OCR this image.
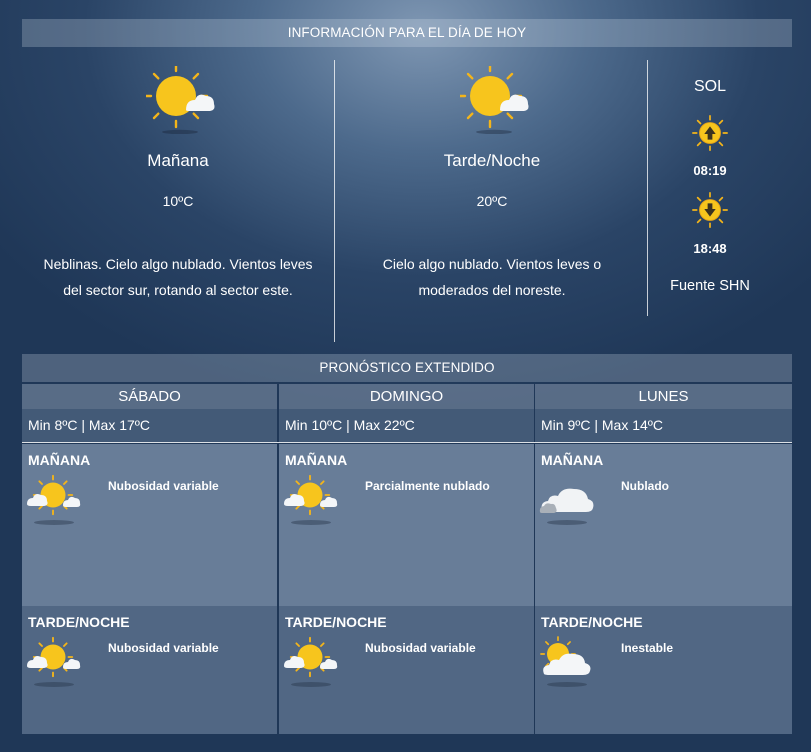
INFORMACIÓN PARA EL DÍA DE HOY
Mañana
10ºC
Neblinas. Cielo algo nublado. Vientos leves del sector sur, rotando al sector este.
Tarde/Noche
20ºC
Cielo algo nublado. Vientos leves o moderados del noreste.
SOL
08:19
18:48
Fuente SHN
PRONÓSTICO EXTENDIDO
SÁBADO
Min 8ºC | Max 17ºC
MAÑANA
Nubosidad variable
TARDE/NOCHE
Nubosidad variable
DOMINGO
Min 10ºC | Max 22ºC
MAÑANA
Parcialmente nublado
TARDE/NOCHE
Nubosidad variable
LUNES
Min 9ºC | Max 14ºC
MAÑANA
Nublado
TARDE/NOCHE
Inestable
